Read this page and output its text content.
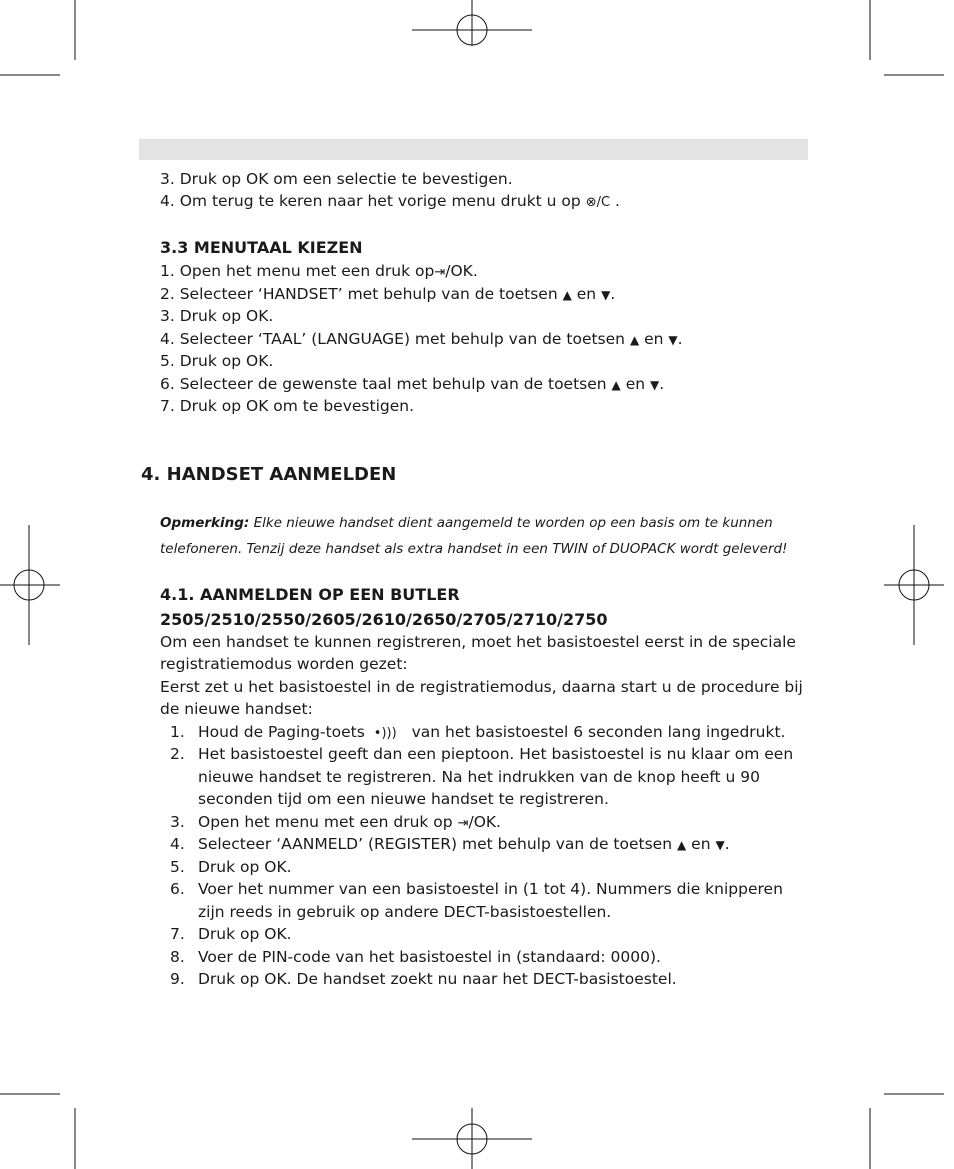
3. Druk op OK om een selectie te bevestigen.
4. Om terug te keren naar het vorige menu drukt u op ⊗/C .
3.3 MENUTAAL KIEZEN
1. Open het menu met een druk op⇥/OK.
2. Selecteer ‘HANDSET’ met behulp van de toetsen ▲ en ▼.
3. Druk op OK.
4. Selecteer ‘TAAL’ (LANGUAGE) met behulp van de toetsen ▲ en ▼.
5. Druk op OK.
6. Selecteer de gewenste taal met behulp van de toetsen ▲ en ▼.
7. Druk op OK om te bevestigen.
4. HANDSET AANMELDEN
Opmerking: Elke nieuwe handset dient aangemeld te worden op een basis om te kunnen
telefoneren. Tenzij deze handset als extra handset in een TWIN of DUOPACK wordt geleverd!
4.1. AANMELDEN OP EEN BUTLER
2505/2510/2550/2605/2610/2650/2705/2710/2750
Om een handset te kunnen registreren, moet het basistoestel eerst in de speciale
registratiemodus worden gezet:
Eerst zet u het basistoestel in de registratiemodus, daarna start u de procedure bij
de nieuwe handset:
1. Houd de Paging-toets •))) van het basistoestel 6 seconden lang ingedrukt.
2. Het basistoestel geeft dan een pieptoon. Het basistoestel is nu klaar om een
nieuwe handset te registreren. Na het indrukken van de knop heeft u 90
seconden tijd om een nieuwe handset te registreren.
3. Open het menu met een druk op ⇥/OK.
4. Selecteer ‘AANMELD’ (REGISTER) met behulp van de toetsen ▲ en ▼.
5. Druk op OK.
6. Voer het nummer van een basistoestel in (1 tot 4). Nummers die knipperen
zijn reeds in gebruik op andere DECT-basistoestellen.
7. Druk op OK.
8. Voer de PIN-code van het basistoestel in (standaard: 0000).
9. Druk op OK. De handset zoekt nu naar het DECT-basistoestel.
